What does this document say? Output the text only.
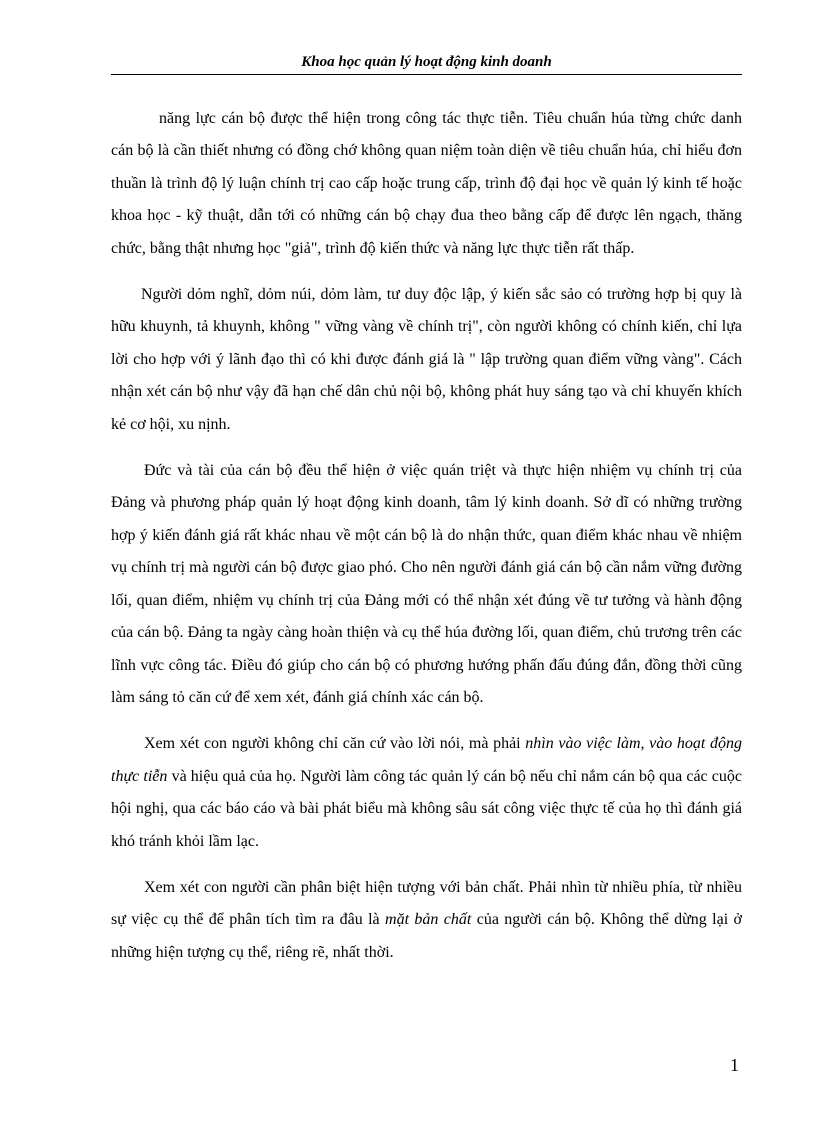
Khoa học quản lý hoạt động kinh doanh

năng lực cán bộ được thể hiện trong công tác thực tiễn. Tiêu chuẩn húa từng chức danh cán bộ là cần thiết nhưng có đồng chớ không quan niệm toàn diện về tiêu chuẩn húa, chỉ hiểu đơn thuần là trình độ lý luận chính trị cao cấp hoặc trung cấp, trình độ đại học về quản lý kinh tế hoặc khoa học - kỹ thuật, dẫn tới có những cán bộ chạy đua theo bằng cấp để được lên ngạch, thăng chức, bằng thật nhưng học "giả", trình độ kiến thức và năng lực thực tiễn rất thấp.

Người dỏm nghĩ, dỏm núi, dỏm làm, tư duy độc lập, ý kiến sắc sảo có trường hợp bị quy là hữu khuynh, tả khuynh, không " vững vàng về chính trị", còn người không có chính kiến, chỉ lựa lời cho hợp với ý lãnh đạo thì có khi được đánh giá là " lập trường quan điểm vững vàng". Cách nhận xét cán bộ như vậy đã hạn chế dân chủ nội bộ, không phát huy sáng tạo và chỉ khuyến khích kẻ cơ hội, xu nịnh.

Đức và tài của cán bộ đều thể hiện ở việc quán triệt và thực hiện nhiệm vụ chính trị của Đảng và phương pháp quản lý hoạt động kinh doanh, tâm lý kinh doanh. Sở dĩ có những trường hợp ý kiến đánh giá rất khác nhau về một cán bộ là do nhận thức, quan điểm khác nhau về nhiệm vụ chính trị mà người cán bộ được giao phó. Cho nên người đánh giá cán bộ cần nắm vững đường lối, quan điểm, nhiệm vụ chính trị của Đảng mới có thể nhận xét đúng về tư tưởng và hành động của cán bộ. Đảng ta ngày càng hoàn thiện và cụ thể húa đường lối, quan điểm, chủ trương trên các lĩnh vực công tác. Điều đó giúp cho cán bộ có phương hướng phấn đấu đúng đắn, đồng thời cũng làm sáng tỏ căn cứ để xem xét, đánh giá chính xác cán bộ.

Xem xét con người không chỉ căn cứ vào lời nói, mà phải nhìn vào việc làm, vào hoạt động thực tiễn và hiệu quả của họ. Người làm công tác quản lý cán bộ nếu chỉ nắm cán bộ qua các cuộc hội nghị, qua các báo cáo và bài phát biểu mà không sâu sát công việc thực tế của họ thì đánh giá khó tránh khỏi lầm lạc.

Xem xét con người cần phân biệt hiện tượng với bản chất. Phải nhìn từ nhiều phía, từ nhiều sự việc cụ thể để phân tích tìm ra đâu là mặt bản chất của người cán bộ. Không thể dừng lại ở những hiện tượng cụ thể, riêng rẽ, nhất thời.

1
